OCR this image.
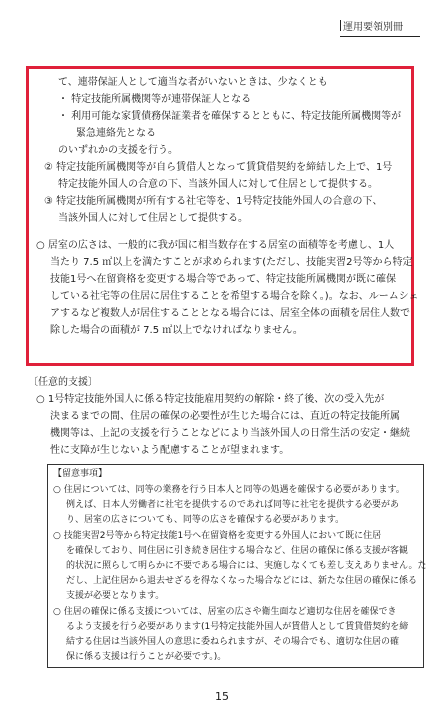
運用要領別冊
て、連帯保証人として適当な者がいないときは、少なくとも
・ 特定技能所属機関等が連帯保証人となる
・ 利用可能な家賃債務保証業者を確保するとともに、特定技能所属機関等が
緊急連絡先となる
のいずれかの支援を行う。
② 特定技能所属機関等が自ら賃借人となって賃貸借契約を締結した上で、1号
特定技能外国人の合意の下、当該外国人に対して住居として提供する。
③ 特定技能所属機関が所有する社宅等を、1号特定技能外国人の合意の下、
当該外国人に対して住居として提供する。
○ 居室の広さは、一般的に我が国に相当数存在する居室の面積等を考慮し、1人
当たり 7.5 ㎡以上を満たすことが求められます(ただし、技能実習2号等から特定
技能1号へ在留資格を変更する場合等であって、特定技能所属機関が既に確保
している社宅等の住居に居住することを希望する場合を除く。)。なお、ルームシェ
アするなど複数人が居住することとなる場合には、居室全体の面積を居住人数で
除した場合の面積が 7.5 ㎡以上でなければなりません。
〔任意的支援〕
○ 1号特定技能外国人に係る特定技能雇用契約の解除・終了後、次の受入先が
決まるまでの間、住居の確保の必要性が生じた場合には、直近の特定技能所属
機関等は、上記の支援を行うことなどにより当該外国人の日常生活の安定・継続
性に支障が生じないよう配慮することが望まれます。
【留意事項】
○ 住居については、同等の業務を行う日本人と同等の処遇を確保する必要があります。
例えば、日本人労働者に社宅を提供するのであれば同等に社宅を提供する必要があ
り、居室の広さについても、同等の広さを確保する必要があります。
○ 技能実習2号等から特定技能1号へ在留資格を変更する外国人において既に住居
を確保しており、同住居に引き続き居住する場合など、住居の確保に係る支援が客観
的状況に照らして明らかに不要である場合には、実施しなくても差し支えありません。た
だし、上記住居から退去せざるを得なくなった場合などには、新たな住居の確保に係る
支援が必要となります。
○ 住居の確保に係る支援については、居室の広さや衛生面など適切な住居を確保でき
るよう支援を行う必要があります(1号特定技能外国人が賃借人として賃貸借契約を締
結する住居は当該外国人の意思に委ねられますが、その場合でも、適切な住居の確
保に係る支援は行うことが必要です。)。
15
